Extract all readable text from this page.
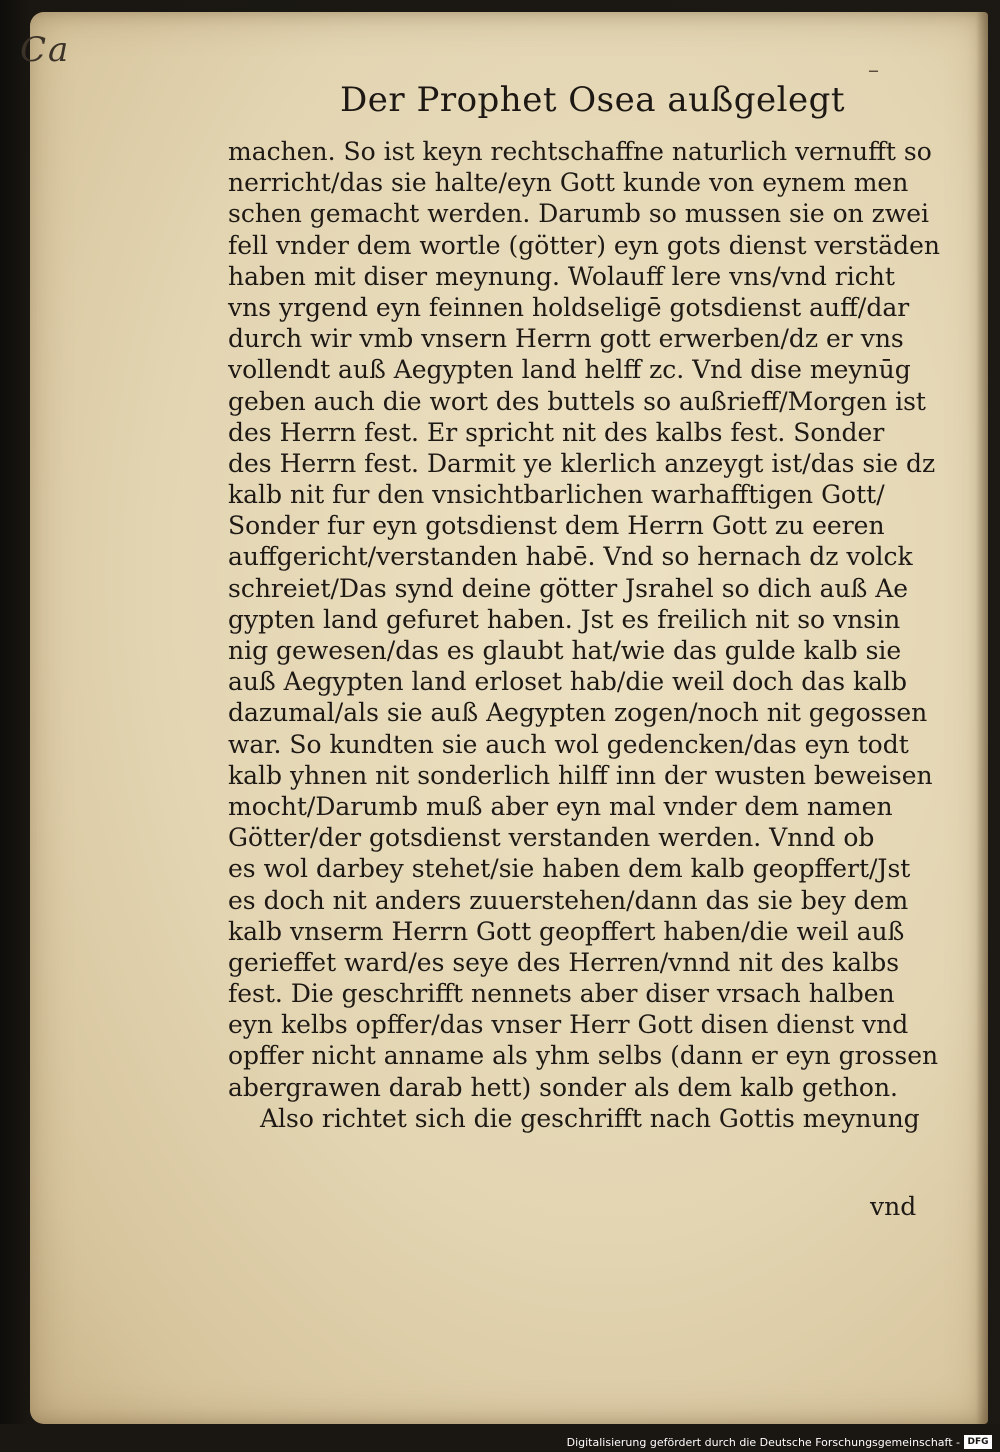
Ca
–
Der Prophet Osea außgelegt
machen. So ist keyn rechtschaffne naturlich vernufft so
nerricht/das sie halte/eyn Gott kunde von eynem men
schen gemacht werden. Darumb so mussen sie on zwei
fell vnder dem wortle (götter) eyn gots dienst verstäden
haben mit diser meynung. Wolauff lere vns/vnd richt
vns yrgend eyn feinnen holdseligē gotsdienst auff/dar
durch wir vmb vnsern Herrn gott erwerben/dz er vns
vollendt auß Aegypten land helff zc. Vnd dise meynūg
geben auch die wort des buttels so außrieff/Morgen ist
des Herrn fest. Er spricht nit des kalbs fest. Sonder
des Herrn fest. Darmit ye klerlich anzeygt ist/das sie dz
kalb nit fur den vnsichtbarlichen warhafftigen Gott/
Sonder fur eyn gotsdienst dem Herrn Gott zu eeren
auffgericht/verstanden habē. Vnd so hernach dz volck
schreiet/Das synd deine götter Jsrahel so dich auß Ae
gypten land gefuret haben. Jst es freilich nit so vnsin
nig gewesen/das es glaubt hat/wie das gulde kalb sie
auß Aegypten land erloset hab/die weil doch das kalb
dazumal/als sie auß Aegypten zogen/noch nit gegossen
war. So kundten sie auch wol gedencken/das eyn todt
kalb yhnen nit sonderlich hilff inn der wusten beweisen
mocht/Darumb muß aber eyn mal vnder dem namen
Götter/der gotsdienst verstanden werden. Vnnd ob
es wol darbey stehet/sie haben dem kalb geopffert/Jst
es doch nit anders zuuerstehen/dann das sie bey dem
kalb vnserm Herrn Gott geopffert haben/die weil auß
gerieffet ward/es seye des Herren/vnnd nit des kalbs
fest. Die geschrifft nennets aber diser vrsach halben
eyn kelbs opffer/das vnser Herr Gott disen dienst vnd
opffer nicht anname als yhm selbs (dann er eyn grossen
abergrawen darab hett) sonder als dem kalb gethon.
Also richtet sich die geschrifft nach Gottis meynung
vnd
Digitalisierung gefördert durch die Deutsche Forschungsgemeinschaft - DFG
